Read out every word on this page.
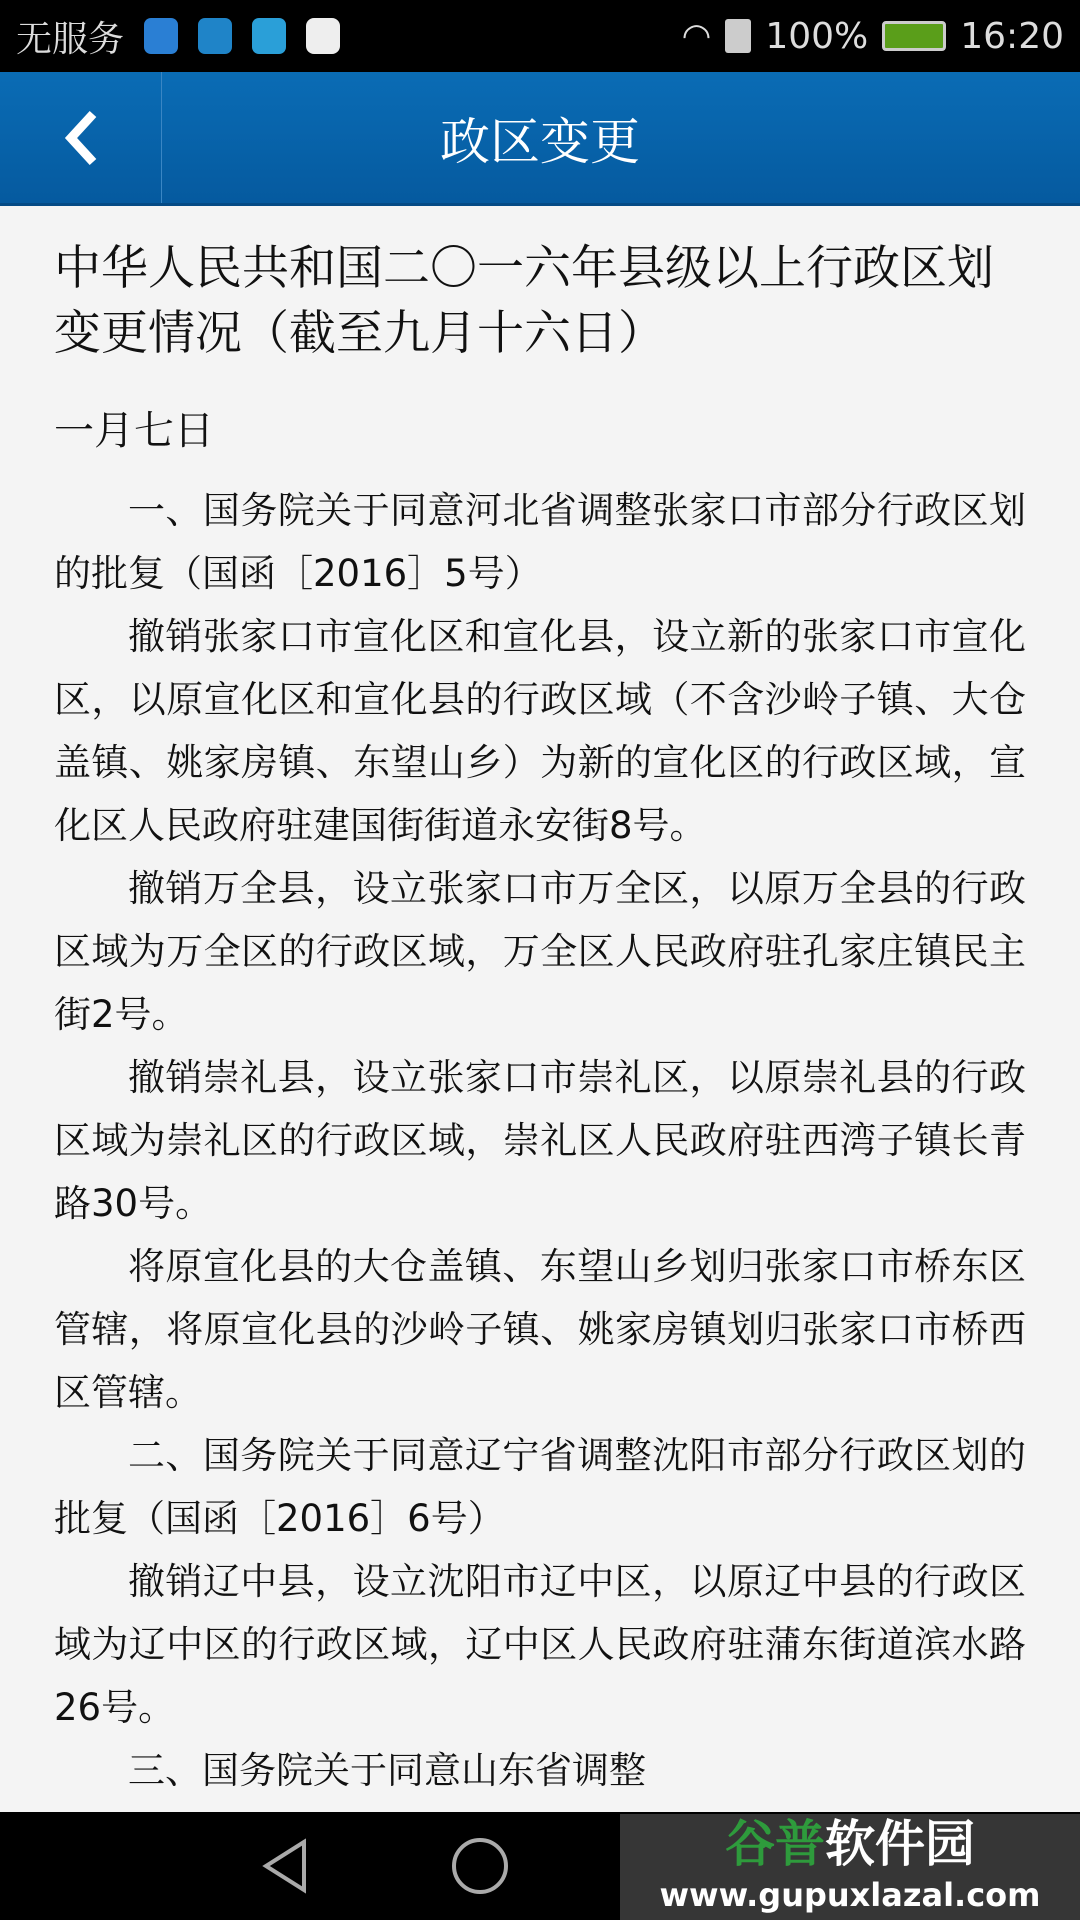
无服务	◠ 100%	16:20
政区变更
中华人民共和国二〇一六年县级以上行政区划变更情况（截至九月十六日）
一月七日
一、国务院关于同意河北省调整张家口市部分行政区划的批复（国函［2016］5号）
撤销张家口市宣化区和宣化县，设立新的张家口市宣化区，以原宣化区和宣化县的行政区域（不含沙岭子镇、大仓盖镇、姚家房镇、东望山乡）为新的宣化区的行政区域，宣化区人民政府驻建国街街道永安街8号。
撤销万全县，设立张家口市万全区，以原万全县的行政区域为万全区的行政区域，万全区人民政府驻孔家庄镇民主街2号。
撤销崇礼县，设立张家口市崇礼区，以原崇礼县的行政区域为崇礼区的行政区域，崇礼区人民政府驻西湾子镇长青路30号。
将原宣化县的大仓盖镇、东望山乡划归张家口市桥东区管辖，将原宣化县的沙岭子镇、姚家房镇划归张家口市桥西区管辖。
二、国务院关于同意辽宁省调整沈阳市部分行政区划的批复（国函［2016］6号）
撤销辽中县，设立沈阳市辽中区，以原辽中县的行政区域为辽中区的行政区域，辽中区人民政府驻蒲东街道滨水路26号。
三、国务院关于同意山东省调整
谷普软件园
www.gupuxlazal.com
